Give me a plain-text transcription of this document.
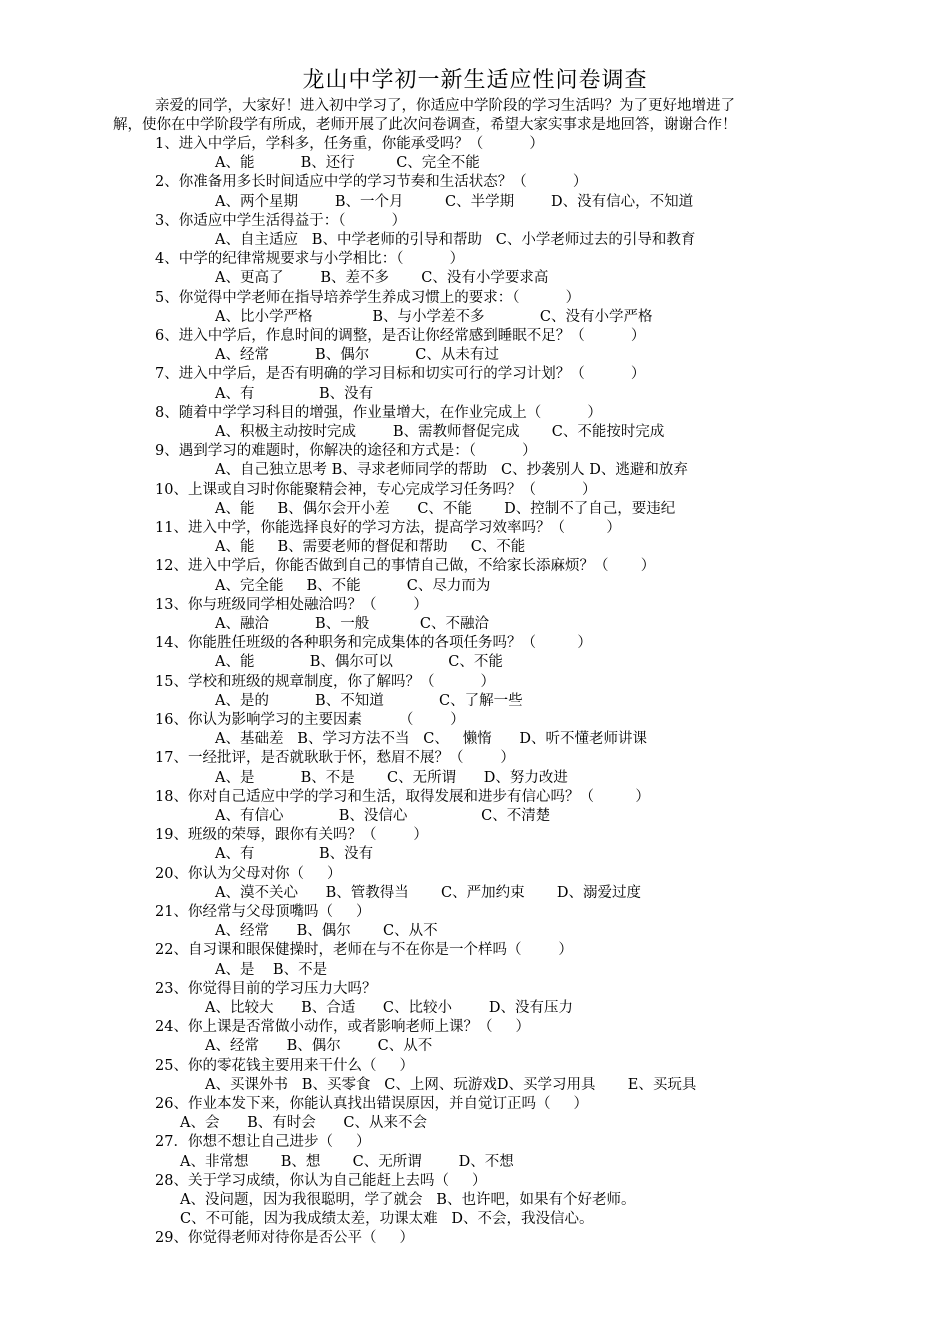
龙山中学初一新生适应性问卷调查
亲爱的同学，大家好！进入初中学习了，你适应中学阶段的学习生活吗？为了更好地增进了
解，使你在中学阶段学有所成，老师开展了此次问卷调查，希望大家实事求是地回答，谢谢合作！
1、进入中学后，学科多，任务重，你能承受吗？（          ）
A、能          B、还行         C、完全不能
2、你准备用多长时间适应中学的学习节奏和生活状态？（          ）
A、两个星期        B、一个月         C、半学期        D、没有信心，不知道
3、你适应中学生活得益于：（          ）
A、自主适应   B、中学老师的引导和帮助   C、小学老师过去的引导和教育
4、中学的纪律常规要求与小学相比：（          ）
A、更高了        B、差不多       C、没有小学要求高
5、你觉得中学老师在指导培养学生养成习惯上的要求：（          ）
A、比小学严格             B、与小学差不多            C、没有小学严格
6、进入中学后，作息时间的调整，是否让你经常感到睡眠不足？（          ）
A、经常          B、偶尔          C、从未有过
7、进入中学后，是否有明确的学习目标和切实可行的学习计划？（          ）
A、有              B、没有
8、随着中学学习科目的增强，作业量增大，在作业完成上（          ）
A、积极主动按时完成        B、需教师督促完成       C、不能按时完成
9、遇到学习的难题时，你解决的途径和方式是：（          ）
A、自己独立思考 B、寻求老师同学的帮助   C、抄袭别人 D、逃避和放弃
10、上课或自习时你能聚精会神，专心完成学习任务吗？（          ）
A、能     B、偶尔会开小差      C、不能       D、控制不了自己，要违纪
11、进入中学，你能选择良好的学习方法，提高学习效率吗？（         ）
A、能     B、需要老师的督促和帮助     C、不能
12、进入中学后，你能否做到自己的事情自己做，不给家长添麻烦？（       ）
A、完全能     B、不能          C、尽力而为
13、你与班级同学相处融洽吗？（        ）
A、融洽          B、一般           C、不融洽
14、你能胜任班级的各种职务和完成集体的各项任务吗？（         ）
A、能            B、偶尔可以            C、不能
15、学校和班级的规章制度，你了解吗？（          ）
A、是的          B、不知道            C、了解一些
16、你认为影响学习的主要因素        （        ）
A、基础差   B、学习方法不当   C、   懒惰      D、听不懂老师讲课
17、一经批评，是否就耿耿于怀，愁眉不展？（        ）
A、是          B、不是       C、无所谓      D、努力改进
18、你对自己适应中学的学习和生活，取得发展和进步有信心吗？（         ）
A、有信心            B、没信心                C、不清楚
19、班级的荣辱，跟你有关吗？（        ）
A、有              B、没有
20、你认为父母对你（     ）
A、漠不关心      B、管教得当       C、严加约束       D、溺爱过度
21、你经常与父母顶嘴吗（     ）
A、经常      B、偶尔       C、从不
22、自习课和眼保健操时，老师在与不在你是一个样吗（        ）
A、是    B、不是
23、你觉得目前的学习压力大吗？
A、比较大      B、合适      C、比较小        D、没有压力
24、你上课是否常做小动作，或者影响老师上课？（     ）
A、经常      B、偶尔        C、从不
25、你的零花钱主要用来干什么（     ）
A、买课外书   B、买零食   C、上网、玩游戏D、买学习用具       E、买玩具
26、作业本发下来，你能认真找出错误原因，并自觉订正吗（     ）
A、会      B、有时会      C、从来不会
27．你想不想让自己进步（     ）
A、非常想       B、想       C、无所谓        D、不想
28、关于学习成绩，你认为自己能赶上去吗（     ）
A、没问题，因为我很聪明，学了就会   B、也许吧，如果有个好老师。
C、不可能，因为我成绩太差，功课太难   D、不会，我没信心。
29、你觉得老师对待你是否公平（     ）
